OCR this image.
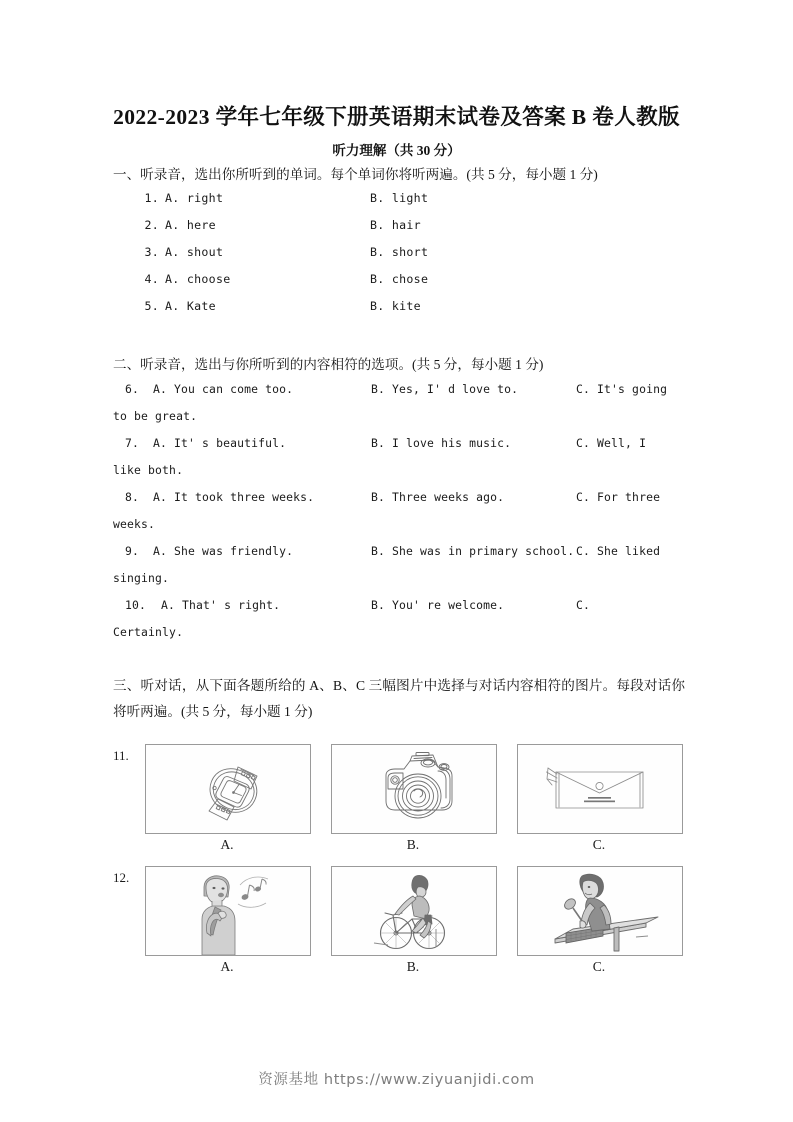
2022-2023 学年七年级下册英语期末试卷及答案 B 卷人教版
听力理解（共 30 分）
一、听录音，选出你所听到的单词。每个单词你将听两遍。(共 5 分，每小题 1 分)
1. A. right	B. light
2. A. here	B. hair
3. A. shout	B. short
4. A. choose	B. chose
5. A. Kate	B. kite
二、听录音，选出与你所听到的内容相符的选项。(共 5 分，每小题 1 分)
6. A. You can come too.	B. Yes, I' d love to.	C. It's going
to be great.
7. A. It' s beautiful.	B. I love his music.	C. Well, I
like both.
8. A. It took three weeks.	B. Three weeks ago.	C. For three
weeks.
9. A. She was friendly.	B. She was in primary school. C. She liked
singing.
10. A. That' s right.	B. You' re welcome.	C.
Certainly.
三、听对话，从下面各题所给的 A、B、C 三幅图片中选择与对话内容相符的图片。每段对话你将听两遍。(共 5 分，每小题 1 分)
11.
A.	B.	C.
12.
A.	B.	C.
资源基地 https://www.ziyuanjidi.com
